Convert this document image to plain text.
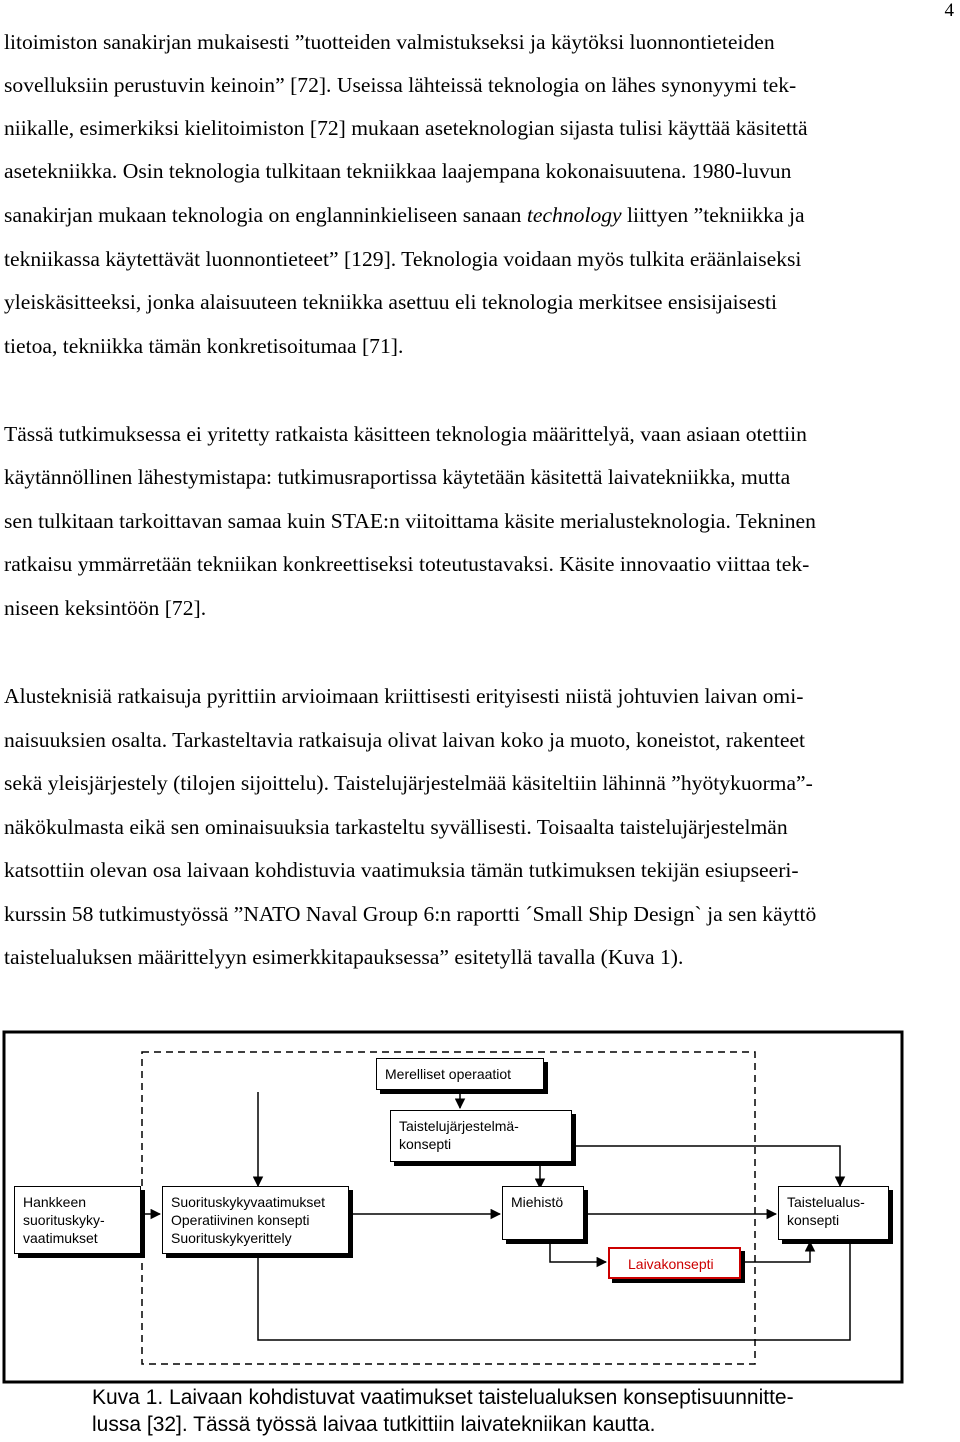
4
litoimiston sanakirjan mukaisesti ”tuotteiden valmistukseksi ja käytöksi luonnontieteiden
sovelluksiin perustuvin keinoin” [72]. Useissa lähteissä teknologia on lähes synonyymi tek-
niikalle, esimerkiksi kielitoimiston [72] mukaan aseteknologian sijasta tulisi käyttää käsitettä
asetekniikka. Osin teknologia tulkitaan tekniikkaa laajempana kokonaisuutena. 1980-luvun
sanakirjan mukaan teknologia on englanninkieliseen sanaan technology liittyen ”tekniikka ja
tekniikassa käytettävät luonnontieteet” [129]. Teknologia voidaan myös tulkita eräänlaiseksi
yleiskäsitteeksi, jonka alaisuuteen tekniikka asettuu eli teknologia merkitsee ensisijaisesti
tietoa, tekniikka tämän konkretisoitumaa [71].
Tässä tutkimuksessa ei yritetty ratkaista käsitteen teknologia määrittelyä, vaan asiaan otettiin
käytännöllinen lähestymistapa: tutkimusraportissa käytetään käsitettä laivatekniikka, mutta
sen tulkitaan tarkoittavan samaa kuin STAE:n viitoittama käsite merialusteknologia. Tekninen
ratkaisu ymmärretään tekniikan konkreettiseksi toteutustavaksi. Käsite innovaatio viittaa tek-
niseen keksintöön [72].
Alusteknisiä ratkaisuja pyrittiin arvioimaan kriittisesti erityisesti niistä johtuvien laivan omi-
naisuuksien osalta. Tarkasteltavia ratkaisuja olivat laivan koko ja muoto, koneistot, rakenteet
sekä yleisjärjestely (tilojen sijoittelu). Taistelujärjestelmää käsiteltiin lähinnä ”hyötykuorma”-
näkökulmasta eikä sen ominaisuuksia tarkasteltu syvällisesti. Toisaalta taistelujärjestelmän
katsottiin olevan osa laivaan kohdistuvia vaatimuksia tämän tutkimuksen tekijän esiupseeri-
kurssin 58 tutkimustyössä ”NATO Naval Group 6:n raportti ´Small Ship Design` ja sen käyttö
taistelualuksen määrittelyyn esimerkkitapauksessa” esitetyllä tavalla (Kuva 1).
Merelliset operaatiot
Taistelujärjestelmä-
konsepti
Hankkeen
suorituskyky-
vaatimukset
Suorituskykyvaatimukset
Operatiivinen konsepti
Suorituskykyerittely
Miehistö	Taistelualus-
konsepti
Laivakonsepti
Kuva 1. Laivaan kohdistuvat vaatimukset taistelualuksen konseptisuunnitte-
lussa [32]. Tässä työssä laivaa tutkittiin laivatekniikan kautta.
